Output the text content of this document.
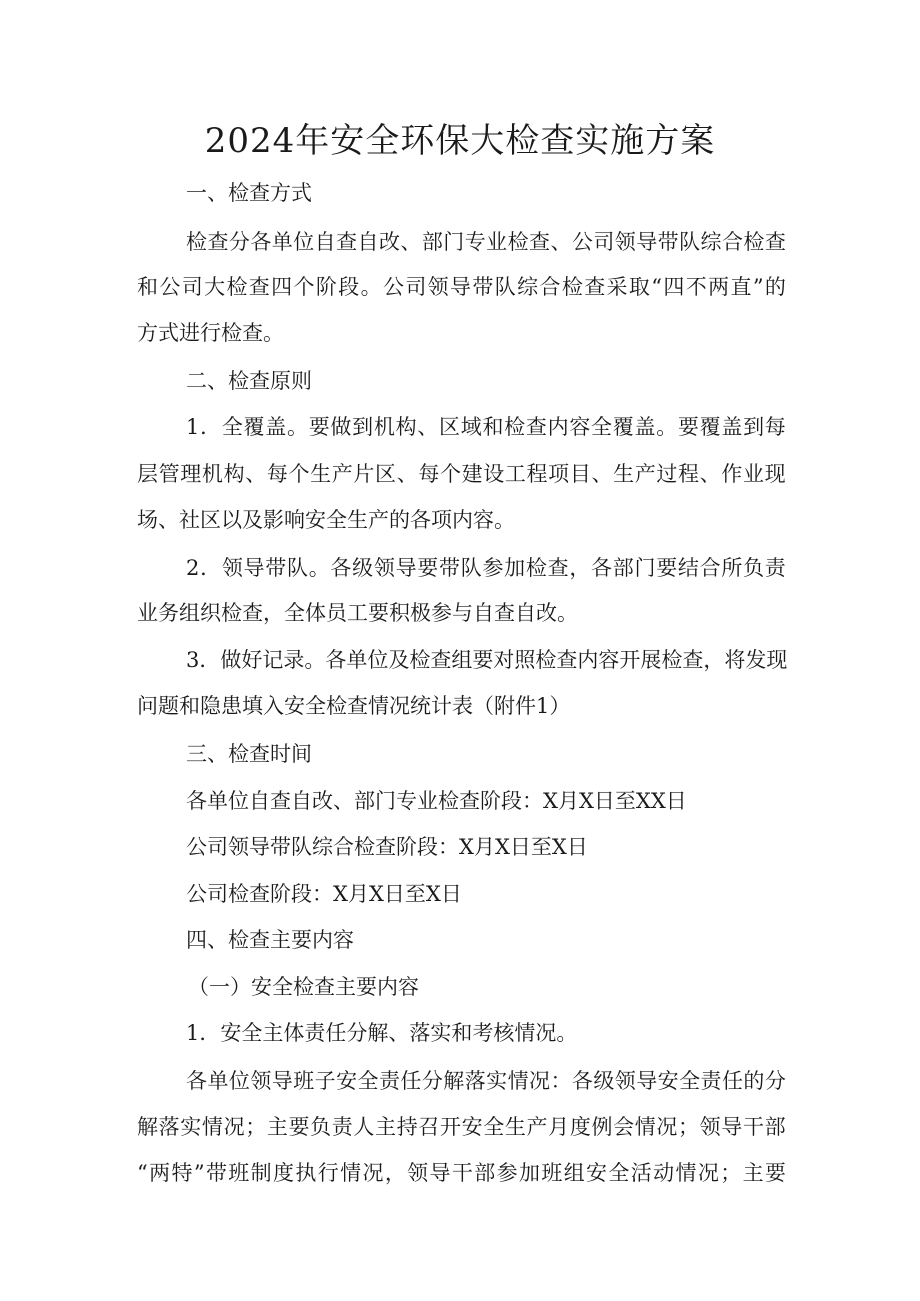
2024年安全环保大检查实施方案
一、检查方式
检 查 分 各 单 位 自 查 自 改 、 部 门 专 业 检 查 、 公 司 领 导 带 队 综 合 检 查
和 公 司 大 检 查 四 个 阶 段 。 公 司 领 导 带 队 综 合 检 查 采 取 “ 四 不 两 直 ” 的
方式进行检查。
二、检查原则
1 ． 全 覆 盖 。 要 做 到 机 构 、 区 域 和 检 查 内 容 全 覆 盖 。 要 覆 盖 到 每
层 管 理 机 构 、 每 个 生 产 片 区 、 每 个 建 设 工 程 项 目 、 生 产 过 程 、 作 业 现
场、社区以及影响安全生产的各项内容。
2 ． 领 导 带 队 。 各 级 领 导 要 带 队 参 加 检 查 ， 各 部 门 要 结 合 所 负 责
业务组织检查，全体员工要积极参与自查自改。
3 ． 做 好 记 录 。 各 单 位 及 检 查 组 要 对 照 检 查 内 容 开 展 检 查 ， 将 发 现
问题和隐患填入安全检查情况统计表（附件1）
三、检查时间
各单位自查自改、部门专业检查阶段：X月X日至XX日
公司领导带队综合检查阶段：X月X日至X日
公司检查阶段：X月X日至X日
四、检查主要内容
（一）安全检查主要内容
1．安全主体责任分解、落实和考核情况。
各 单 位 领 导 班 子 安 全 责 任 分 解 落 实 情 况 ： 各 级 领 导 安 全 责 任 的 分
解 落 实 情 况 ； 主 要 负 责 人 主 持 召 开 安 全 生 产 月 度 例 会 情 况 ； 领 导 干 部
“ 两 特 ” 带 班 制 度 执 行 情 况 ， 领 导 干 部 参 加 班 组 安 全 活 动 情 况 ； 主 要
